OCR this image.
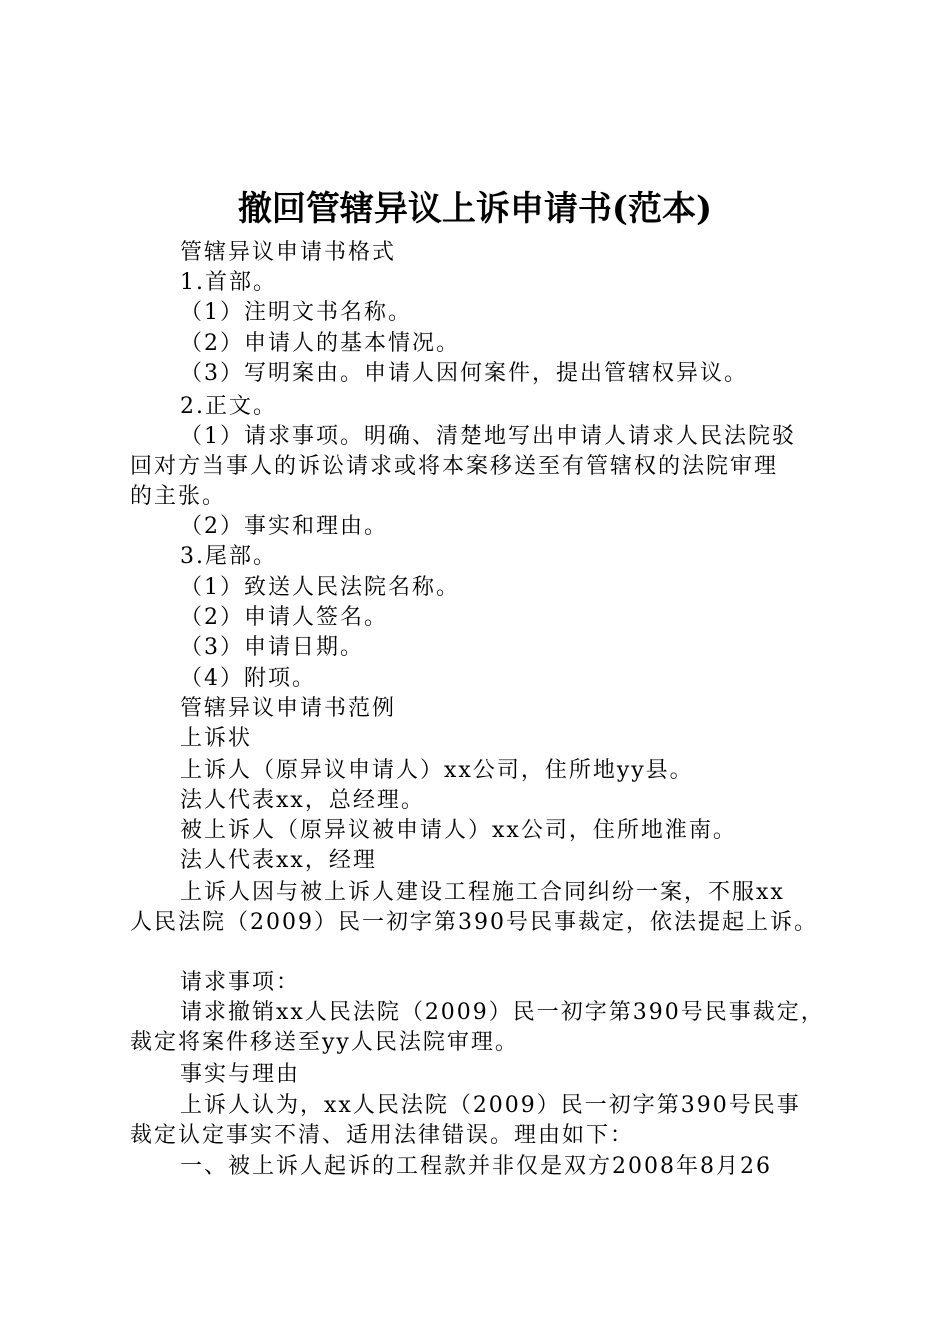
撤回管辖异议上诉申请书(范本)
管辖异议申请书格式
1.首部。
（1）注明文书名称。
（2）申请人的基本情况。
（3）写明案由。申请人因何案件，提出管辖权异议。
2.正文。
（1）请求事项。明确、清楚地写出申请人请求人民法院驳
回对方当事人的诉讼请求或将本案移送至有管辖权的法院审理
的主张。
（2）事实和理由。
3.尾部。
（1）致送人民法院名称。
（2）申请人签名。
（3）申请日期。
（4）附项。
管辖异议申请书范例
上诉状
上诉人（原异议申请人）xx公司，住所地yy县。
法人代表xx，总经理。
被上诉人（原异议被申请人）xx公司，住所地淮南。
法人代表xx，经理
上诉人因与被上诉人建设工程施工合同纠纷一案，不服xx
人民法院（2009）民一初字第390号民事裁定，依法提起上诉。
请求事项：
请求撤销xx人民法院（2009）民一初字第390号民事裁定，
裁定将案件移送至yy人民法院审理。
事实与理由
上诉人认为，xx人民法院（2009）民一初字第390号民事
裁定认定事实不清、适用法律错误。理由如下：
一、被上诉人起诉的工程款并非仅是双方2008年8月26
